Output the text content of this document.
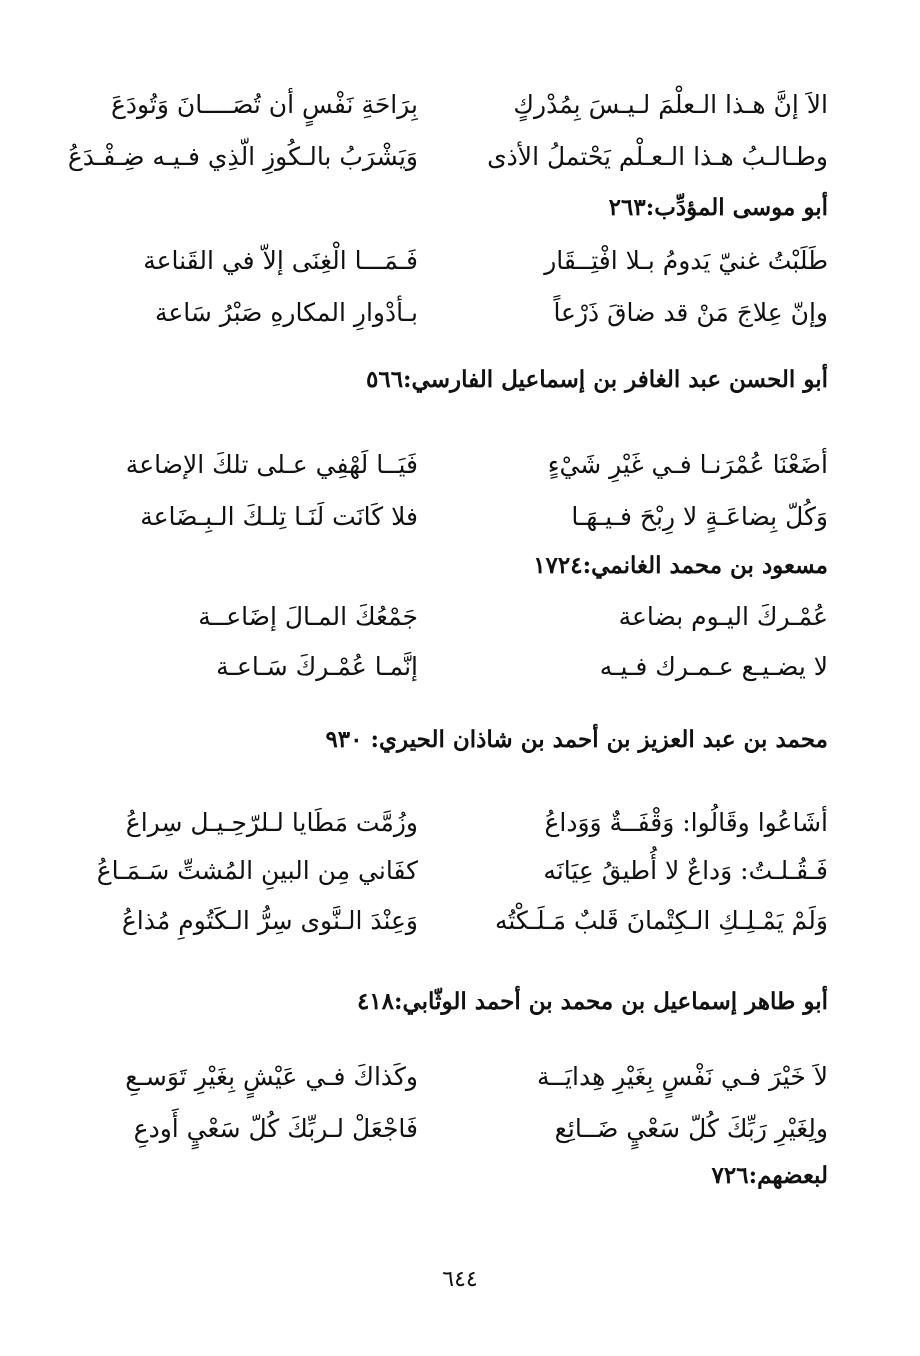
الاَ إنَّ هـذا الـعلْمَ لـيـسَ بِمُدْركٍ
بِرَاحَةِ نَفْسٍ أن تُصَــــانَ وَتُودَعَ
وطـالـبُ هـذا الـعـلْم يَحْتملُ الأذى
وَيَشْرَبُ بالـكُوزِ الّذِي فـيـه ضِـفْـدَعُ
أبو موسى المؤدِّب:٢٦٣
طَلَبْتُ غنيّ يَدومُ بـلا افْتِــقَار
فَـمَـــا الْغِنَى إلاّ في القَناعة
وإنّ عِلاجَ مَنْ قد ضاقَ ذَرْعاً
بـأدْوارِ المكارهِ صَبْرُ سَاعة
أبو الحسن عبد الغافر بن إسماعيل الفارسي:٥٦٦
أضَعْنَا عُمْرَنـا فـي غَيْرِ شَيْءٍ
فَيَــا لَهْفِي عـلى تلكَ الإضاعة
وَكُلّ بِضاعَـةٍ لا رِبْحَ فـيـهَـا
فلا كَانَت لَنَـا تِلـكَ الـبِـضَاعة
مسعود بن محمد الغانمي:١٧٢٤
عُمْـركَ اليـوم بضاعة
جَمْعُكَ المـالَ إضَاعــة
لا يضـيـع عـمـرك فـيـه
إنَّمـا عُمْـركَ سَـاعـة
محمد بن عبد العزيز بن أحمد بن شاذان الحيري: ٩٣٠
أشَاعُوا وقَالُوا: وَقْفَــةٌ وَوَداعُ
وزُمَّت مَطَايا لـلرّحِـيـل سِراعُ
فَـقُـلـتُ: وَداعٌ لا أُطيقُ عِيَانَه
كفَاني مِن البينِ المُشتِّ سَـمَـاعُ
وَلَمْ يَمْـلِـكِ الـكِتْمانَ قَلبٌ مَـلَـكْتُه
وَعِنْدَ الـنَّوى سِرُّ الـكَتُومِ مُذاعُ
أبو طاهر إسماعيل بن محمد بن أحمد الوثّابي:٤١٨
لاَ خَيْرَ فـي نَفْسٍ بِغَيْرِ هِدايَــة
وكَذاكَ فـي عَيْشٍ بِغَيْرِ تَوَسـعِ
ولِغَيْرِ رَبِّكَ كُلّ سَعْيٍ ضَــائِع
فَاجْعَلْ لـربِّكَ كُلّ سَعْيٍ أَودعِ
لبعضهم:٧٢٦
٦٤٤
